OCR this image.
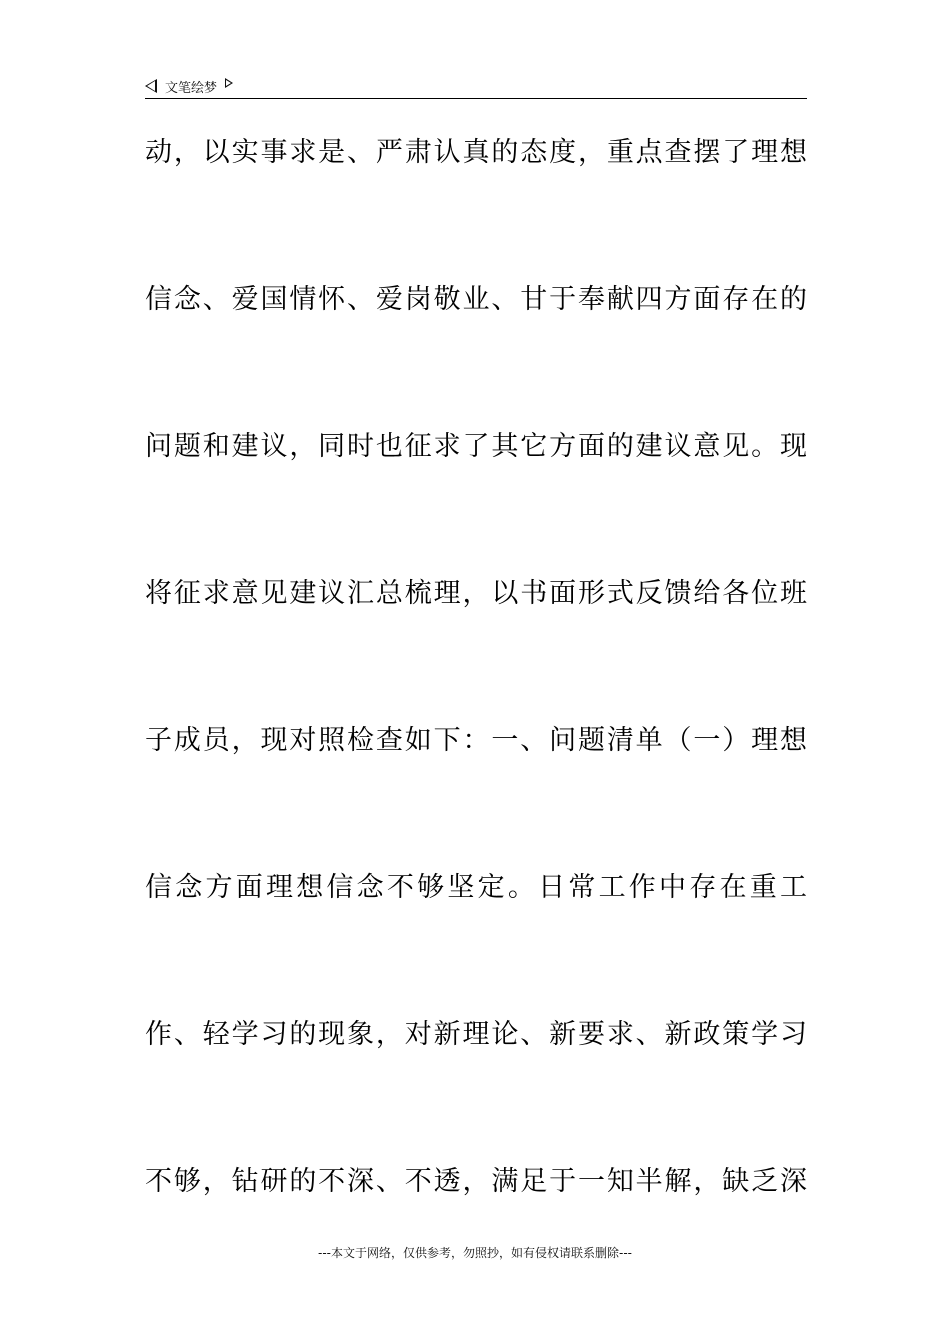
文笔绘梦
动，以实事求是、严肃认真的态度，重点查摆了理想
信念、爱国情怀、爱岗敬业、甘于奉献四方面存在的
问题和建议，同时也征求了其它方面的建议意见。现
将征求意见建议汇总梳理，以书面形式反馈给各位班
子成员，现对照检查如下：一、问题清单（一）理想
信念方面理想信念不够坚定。日常工作中存在重工
作、轻学习的现象，对新理论、新要求、新政策学习
不够，钻研的不深、不透，满足于一知半解，缺乏深
---本文于网络，仅供参考，勿照抄，如有侵权请联系删除---
